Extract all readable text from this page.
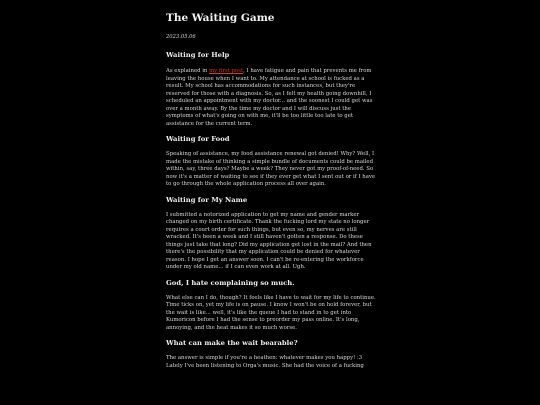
The Waiting Game
2023.05.06
Waiting for Help

As explained in my first post, I have fatigue and pain that prevents me from leaving the house when I want to. My attendance at school is fucked as a result. My school has accommodations for such instances, but they're reserved for those with a diagnosis. So, as I felt my health going downhill, I scheduled an appointment with my doctor... and the soonest I could get was over a month away. By the time my doctor and I will discuss just the symptoms of what's going on with me, it'll be too little too late to get assistance for the current term.

Waiting for Food

Speaking of assistance, my food assistance renewal got denied! Why? Well, I made the mistake of thinking a simple bundle of documents could be mailed within, say, three days? Maybe a week? They never got my proof-of-need. So now it's a matter of waiting to see if they ever get what I sent out or if I have to go through the whole application process all over again.

Waiting for My Name

I submitted a notorized application to get my name and gender marker changed on my birth certificate. Thank the fucking lord my state no longer requires a court order for such things, but even so, my nerves are still wracked. It's been a week and I still haven't gotten a response. Do these things just take that long? Did my application get lost in the mail? And then there's the possibility that my application could be denied for whatever reason. I hope I get an answer soon. I can't be re-entering the workforce under my old name... if I can even work at all. Ugh.

God, I hate complaining so much.

What else can I do, though? It feels like I have to wait for my life to continue. Time ticks on, yet my life is on pause. I know I won't be on hold forever, but the wait is like... well, it's like the queue I had to stand in to get into Kumoricon before I had the sense to preorder my pass online. It's long, annoying, and the heat makes it so much worse.

What can make the wait bearable?

The answer is simple if you're a heathen: whatever makes you happy! :3 Lately I've been listening to Orga's music. She had the voice of a fucking
